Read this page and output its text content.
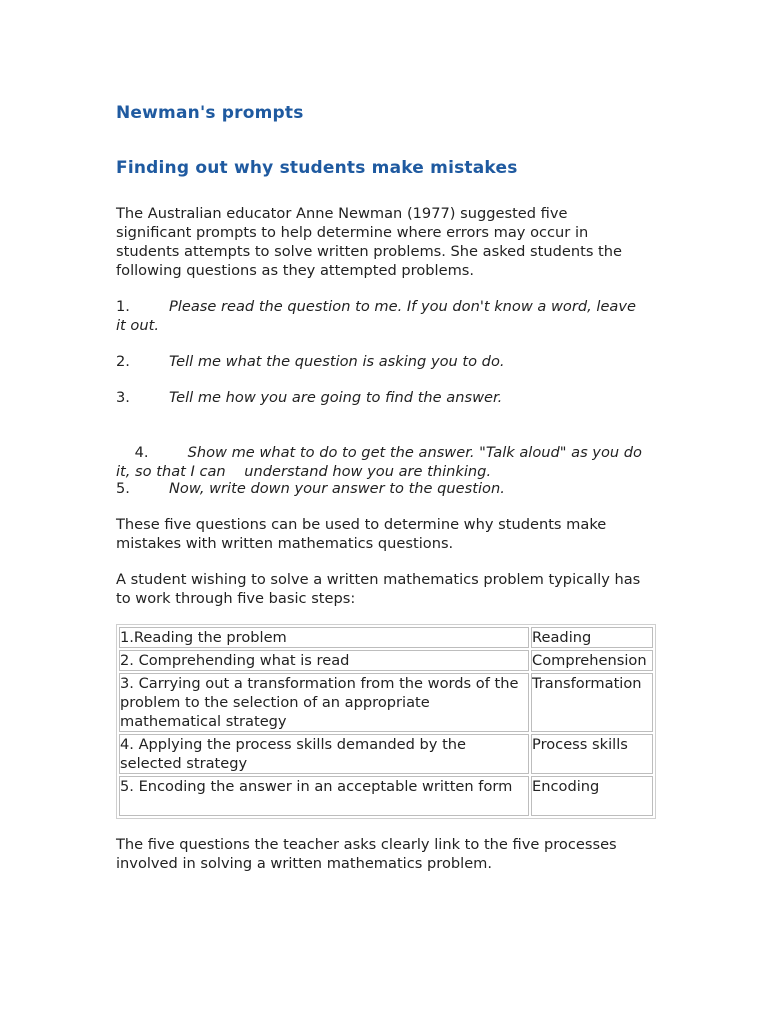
Newman's prompts
Finding out why students make mistakes

The Australian educator Anne Newman (1977) suggested five significant prompts to help determine where errors may occur in students attempts to solve written problems. She asked students the following questions as they attempted problems.

1.	Please read the question to me. If you don't know a word, leave it out.

2.	Tell me what the question is asking you to do.

3.	Tell me how you are going to find the answer.

4.	Show me what to do to get the answer. "Talk aloud" as you do it, so that I can    understand how you are thinking.

5.	Now, write down your answer to the question.

These five questions can be used to determine why students make mistakes with written mathematics questions.

A student wishing to solve a written mathematics problem typically has to work through five basic steps:

1.Reading the problem	Reading
2. Comprehending what is read	Comprehension
3. Carrying out a transformation from the words of the problem to the selection of an appropriate mathematical strategy	Transformation
4. Applying the process skills demanded by the selected strategy	Process skills
5. Encoding the answer in an acceptable written form	Encoding

The five questions the teacher asks clearly link to the five processes involved in solving a written mathematics problem.
